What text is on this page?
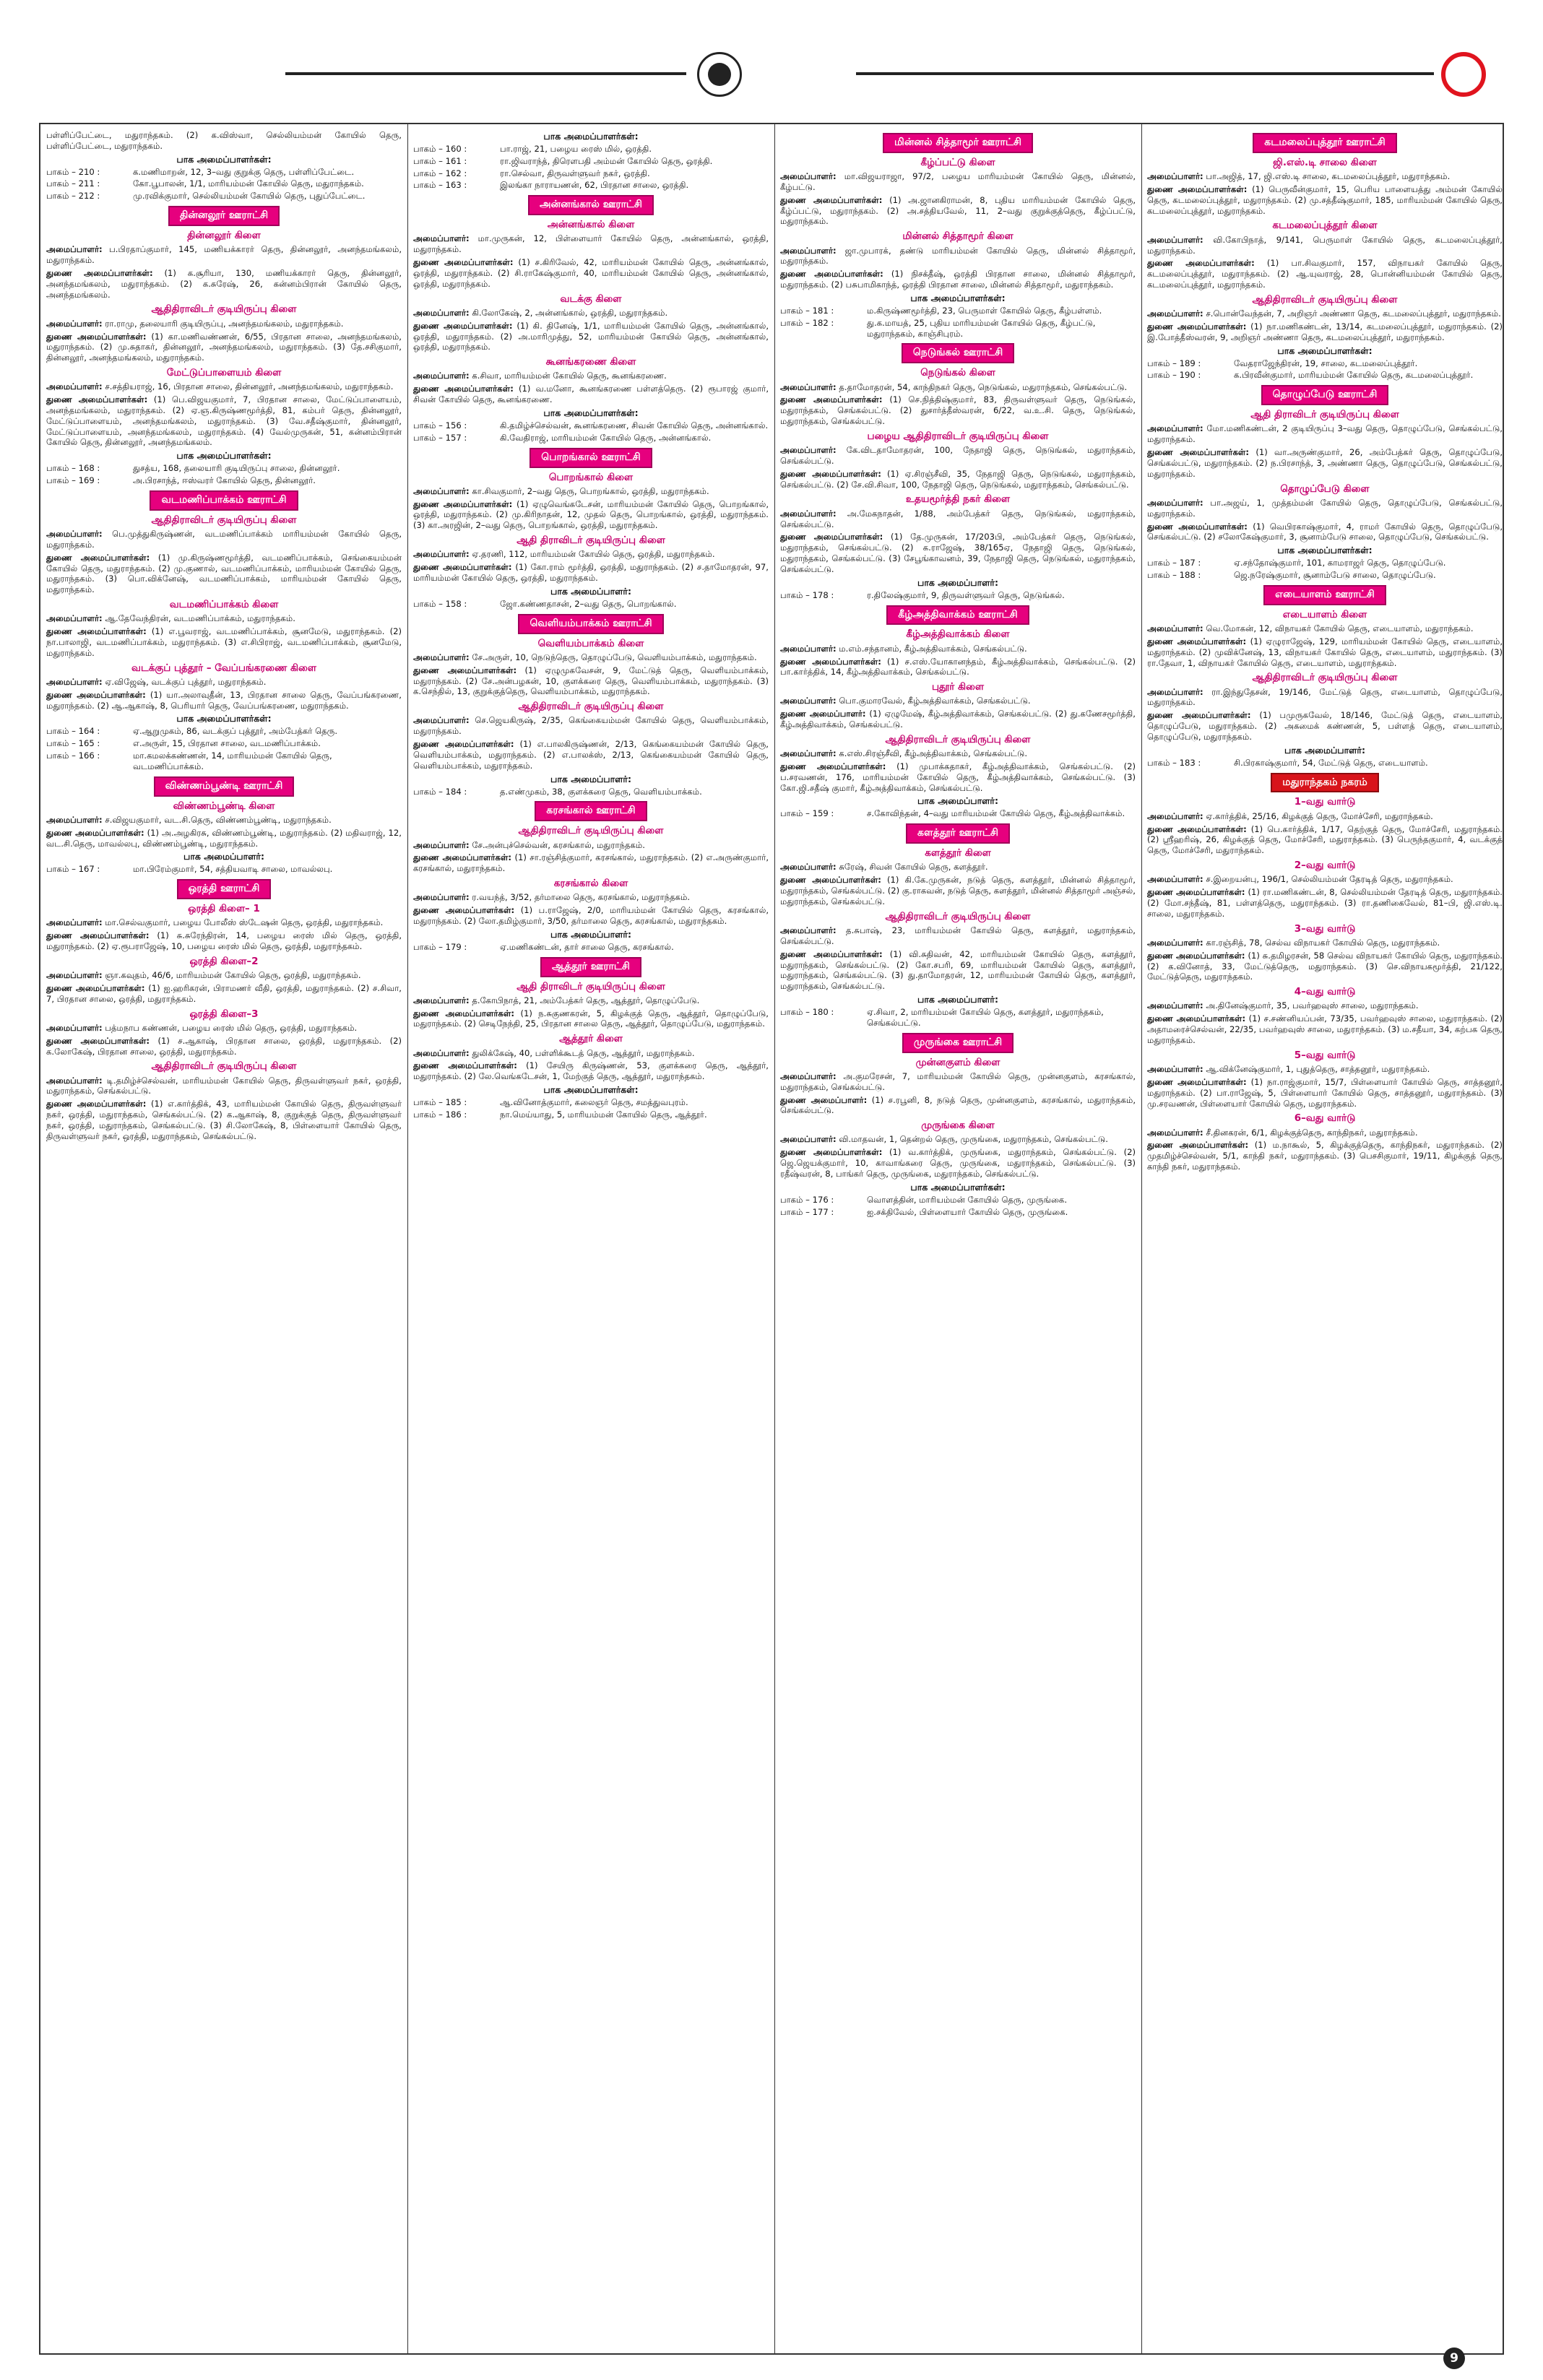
பள்ளிப்பேட்டை, மதுராந்தகம். (2) க.விஸ்வா, செல்லியம்மன் கோயில் தெரு, பள்ளிப்பேட்டை, மதுராந்தகம்.
பாக அமைப்பாளர்கள்:
பாகம் – 210 :	க.மணிமாறன், 12, 3–வது குறுக்கு தெரு, பள்ளிப்பேட்டை.
பாகம் – 211 :	கோ.பூபாலன், 1/1, மாரியம்மன் கோயில் தெரு, மதுராந்தகம்.
பாகம் – 212 :	மு.ரவிக்குமார், செல்லியம்மன் கோயில் தெரு, புதுப்பேட்டை.
தின்னலூர் ஊராட்சி
தின்னலூர் கிளை
அமைப்பாளர்: ப.பிரதாப்குமார், 145, மணியக்காரர் தெரு, தின்னலூர், அனந்தமங்கலம், மதுராந்தகம்.
துணை அமைப்பாளர்கள்: (1) க.சூரியா, 130, மணியக்காரர் தெரு, தின்னலூர், அனந்தமங்கலம், மதுராந்தகம். (2) க.சுரேஷ், 26, கன்னம்பிரான் கோயில் தெரு, அனந்தமங்கலம்.
ஆதிதிராவிடர் குடியிருப்பு கிளை
அமைப்பாளர்: ரா.ராமு, தலையாரி குடியிருப்பு, அனந்தமங்கலம், மதுராந்தகம்.
துணை அமைப்பாளர்கள்: (1) கா.மணிவண்ணன், 6/55, பிரதான சாலை, அனந்தமங்கலம், மதுராந்தகம். (2) மு.சுதாகர், தின்னலூர், அனந்தமங்கலம், மதுராந்தகம். (3) தே.சசிகுமார், தின்னலூர், அனந்தமங்கலம், மதுராந்தகம்.
மேட்டுப்பாளையம் கிளை
அமைப்பாளர்: ச.சத்தியராஜ், 16, பிரதான சாலை, தின்னலூர், அனந்தமங்கலம், மதுராந்தகம்.
துணை அமைப்பாளர்கள்: (1) பெ.விஜயகுமார், 7, பிரதான சாலை, மேட்டுப்பாளையம், அனந்தமங்கலம், மதுராந்தகம். (2) ஏ.ஞ.கிருஷ்ணமூர்த்தி, 81, கம்பர் தெரு, தின்னலூர், மேட்டுப்பாளையம், அனந்தமங்கலம், மதுராந்தகம். (3) வே.சதீஷ்குமார், தின்னலூர், மேட்டுப்பாளையம், அனந்தமங்கலம், மதுராந்தகம். (4) வேல்முருகன், 51, கன்னம்பிரான் கோயில் தெரு, தின்னலூர், அனந்தமங்கலம்.
பாக அமைப்பாளர்கள்:
பாகம் – 168 :	துசத்ய, 168, தலையாரி குடியிருப்பு சாலை, தின்னலூர்.
பாகம் – 169 :	அ.பிரசாந்த், ஈஸ்வரர் கோயில் தெரு, தின்னலூர்.
வடமணிப்பாக்கம் ஊராட்சி
ஆதிதிராவிடர் குடியிருப்பு கிளை
அமைப்பாளர்: பெ.முத்துகிருஷ்ணன், வடமணிப்பாக்கம் மாரியம்மன் கோயில் தெரு, மதுராந்தகம்.
துணை அமைப்பாளர்கள்: (1) மு.கிருஷ்ணமூர்த்தி, வடமணிப்பாக்கம், செங்கையம்மன் கோயில் தெரு, மதுராந்தகம். (2) மு.குணால், வடமணிப்பாக்கம், மாரியம்மன் கோயில் தெரு, மதுராந்தகம். (3) பொ.விக்னேஷ், வடமணிப்பாக்கம், மாரியம்மன் கோயில் தெரு, மதுராந்தகம்.
வடமணிப்பாக்கம் கிளை
அமைப்பாளர்: ஆ.தேவேந்திரன், வடமணிப்பாக்கம், மதுராந்தகம்.
துணை அமைப்பாளர்கள்: (1) எ.பூவராஜ், வடமணிப்பாக்கம், சூனமேடு, மதுராந்தகம். (2) நா.பாலாஜி, வடமணிப்பாக்கம், மதுராந்தகம். (3) எ.சிபிராஜ், வடமணிப்பாக்கம், சூனமேடு, மதுராந்தகம்.
வடக்குப் புத்தூர் – வேப்பங்கரணை கிளை
அமைப்பாளர்: ஏ.விஜேஷ், வடக்குப் புத்தூர், மதுராந்தகம்.
துணை அமைப்பாளர்கள்: (1) யா.அலாவுதீன், 13, பிரதான சாலை தெரு, வேப்பங்கரணை, மதுராந்தகம். (2) ஆ.ஆகாஷ், 8, பெரியார் தெரு, வேப்பங்கரணை, மதுராந்தகம்.
பாக அமைப்பாளர்கள்:
பாகம் – 164 :	ஏ.ஆறுமுகம், 86, வடக்குப் புத்தூர், அம்பேத்கர் தெரு.
பாகம் – 165 :	எ.அருள், 15, பிரதான சாலை, வடமணிப்பாக்கம்.
பாகம் – 166 :	மா.கமலக்கண்ணன், 14, மாரியம்மன் கோயில் தெரு, வடமணிப்பாக்கம்.
விண்ணம்பூண்டி ஊராட்சி
விண்ணம்பூண்டி கிளை
அமைப்பாளர்: ச.விஜயகுமார், வட.சி.தெரு, விண்ணம்பூண்டி, மதுராந்தகம்.
துணை அமைப்பாளர்கள்: (1) அ.அழகிரசு, விண்ணம்பூண்டி, மதுராந்தகம். (2) மதிவராஜ், 12, வட.சி.தெரு, மாவல்லபு, விண்ணம்பூண்டி, மதுராந்தகம்.
பாக அமைப்பாளர்:
பாகம் – 167 :	மா.பிரேம்குமார், 54, சத்தியவாடி சாலை, மாவல்லபு.
ஒரத்தி ஊராட்சி
ஒரத்தி கிளை– 1
அமைப்பாளர்: மா.செல்வகுமார், பழைய போலீஸ் ஸ்டேஷன் தெரு, ஒரத்தி, மதுராந்தகம்.
துணை அமைப்பாளர்கள்: (1) சு.சுரேந்திரன், 14, பழைய ரைஸ் மில் தெரு, ஒரத்தி, மதுராந்தகம். (2) ஏ.ரூபராஜேஷ், 10, பழைய ரைஸ் மில் தெரு, ஒரத்தி, மதுராந்தகம்.
ஒரத்தி கிளை–2
அமைப்பாளர்: ஞா.கவுதம், 46/6, மாரியம்மன் கோயில் தெரு, ஒரத்தி, மதுராந்தகம்.
துணை அமைப்பாளர்கள்: (1) ஐ.ஹரிகரன், பிராமணர் வீதி, ஒரத்தி, மதுராந்தகம். (2) ச.சிவா, 7, பிரதான சாலை, ஒரத்தி, மதுராந்தகம்.
ஒரத்தி கிளை–3
அமைப்பாளர்: பத்மநாப கண்ணன், பழைய ரைஸ் மில் தெரு, ஒரத்தி, மதுராந்தகம்.
துணை அமைப்பாளர்கள்: (1) ச.ஆகாஷ், பிரதான சாலை, ஒரத்தி, மதுராந்தகம். (2) க.லோகேஷ், பிரதான சாலை, ஒரத்தி, மதுராந்தகம்.
ஆதிதிராவிடர் குடியிருப்பு கிளை
அமைப்பாளர்: டி.தமிழ்ச்செல்வன், மாரியம்மன் கோயில் தெரு, திருவள்ளுவர் நகர், ஒரத்தி, மதுராந்தகம், செங்கல்பட்டு.
துணை அமைப்பாளர்கள்: (1) எ.கார்த்திக், 43, மாரியம்மன் கோயில் தெரு, திருவள்ளுவர் நகர், ஒரத்தி, மதுராந்தகம், செங்கல்பட்டு. (2) க.ஆகாஷ், 8, குறுக்குத் தெரு, திருவள்ளுவர் நகர், ஒரத்தி, மதுராந்தகம், செங்கல்பட்டு. (3) சி.லோகேஷ், 8, பிள்ளையார் கோயில் தெரு, திருவள்ளுவர் நகர், ஒரத்தி, மதுராந்தகம், செங்கல்பட்டு.
பாக அமைப்பாளர்கள்:
பாகம் – 160 :	பா.ராஜ், 21, பழைய ரைஸ் மில், ஒரத்தி.
பாகம் – 161 :	ரா.ஜிவராந்த், திரௌபதி அம்மன் கோயில் தெரு, ஒரத்தி.
பாகம் – 162 :	ரா.செல்வா, திருவள்ளுவர் நகர், ஒரத்தி.
பாகம் – 163 :	இலங்கா நாராயணன், 62, பிரதான சாலை, ஒரத்தி.
அன்னங்கால் ஊராட்சி
அன்னங்கால் கிளை
அமைப்பாளர்: மா.முருகன், 12, பிள்ளையார் கோயில் தெரு, அன்னங்கால், ஒரத்தி, மதுராந்தகம்.
துணை அமைப்பாளர்கள்: (1) ச.கிரிவேல், 42, மாரியம்மன் கோயில் தெரு, அன்னங்கால், ஒரத்தி, மதுராந்தகம். (2) சி.ராகேஷ்குமார், 40, மாரியம்மன் கோயில் தெரு, அன்னங்கால், ஒரத்தி, மதுராந்தகம்.
வடக்கு கிளை
அமைப்பாளர்: கி.லோகேஷ், 2, அன்னங்கால், ஒரத்தி, மதுராந்தகம்.
துணை அமைப்பாளர்கள்: (1) கி. தினேஷ், 1/1, மாரியம்மன் கோயில் தெரு, அன்னங்கால், ஒரத்தி, மதுராந்தகம். (2) அ.மாரிமுத்து, 52, மாரியம்மன் கோயில் தெரு, அன்னங்கால், ஒரத்தி, மதுராந்தகம்.
கூனங்கரணை கிளை
அமைப்பாளர்: க.சிவா, மாரியம்மன் கோயில் தெரு, கூனங்கரணை.
துணை அமைப்பாளர்கள்: (1) வ.மனோ, கூனங்கரணை பள்ளத்தெரு. (2) ரூபாரஜ் குமார், சிவன் கோயில் தெரு, கூனங்கரணை.
பாக அமைப்பாளர்கள்:
பாகம் – 156 :	கி.தமிழ்ச்செல்வன், கூனங்கரணை, சிவன் கோயில் தெரு, அன்னங்கால்.
பாகம் – 157 :	கி.வேதிராஜ், மாரியம்மன் கோயில் தெரு, அன்னங்கால்.
பொறங்கால் ஊராட்சி
பொறங்கால் கிளை
அமைப்பாளர்: கா.சிவகுமார், 2–வது தெரு, பொறங்கால், ஒரத்தி, மதுராந்தகம்.
துணை அமைப்பாளர்கள்: (1) ஏழுவெங்கடேசன், மாரியம்மன் கோயில் தெரு, பொறங்கால், ஒரத்தி, மதுராந்தகம். (2) மு.கிரிநாதன், 12, முதல் தெரு, பொறங்கால், ஒரத்தி, மதுராந்தகம். (3) கா.அரஜின், 2–வது தெரு, பொறங்கால், ஒரத்தி, மதுராந்தகம்.
ஆதி திராவிடர் குடியிருப்பு கிளை
அமைப்பாளர்: ஏ.தரணி, 112, மாரியம்மன் கோயில் தெரு, ஒரத்தி, மதுராந்தகம்.
துணை அமைப்பாளர்கள்: (1) கோ.ராம் மூர்த்தி, ஒரத்தி, மதுராந்தகம். (2) ச.தாமோதரன், 97, மாரியம்மன் கோயில் தெரு, ஒரத்தி, மதுராந்தகம்.
பாக அமைப்பாளர்:
பாகம் – 158 :	ஜோ.கண்ணதாசன், 2–வது தெரு, பொறங்கால்.
வெளியம்பாக்கம் ஊராட்சி
வெளியம்பாக்கம் கிளை
அமைப்பாளர்: சே.அருள், 10, நெடுந்தெரு, தொழுப்பேடு, வெளியம்பாக்கம், மதுராந்தகம்.
துணை அமைப்பாளர்கள்: (1) ஏழுமுகவேசன், 9, மேட்டுத் தெரு, வெளியம்பாக்கம், மதுராந்தகம். (2) சே.அன்பழகன், 10, குளக்கரை தெரு, வெளியம்பாக்கம், மதுராந்தகம். (3) க.செந்தில், 13, குறுக்குத்தெரு, வெளியம்பாக்கம், மதுராந்தகம்.
ஆதிதிராவிடர் குடியிருப்பு கிளை
அமைப்பாளர்: செ.ஜெயகிருஷ், 2/35, கெங்கையம்மன் கோயில் தெரு, வெளியம்பாக்கம், மதுராந்தகம்.
துணை அமைப்பாளர்கள்: (1) எ.பாலகிருஷ்ணன், 2/13, கெங்கையம்மன் கோயில் தெரு, வெளியம்பாக்கம், மதுராந்தகம். (2) எ.பாலக்ஸ், 2/13, கெங்கையம்மன் கோயில் தெரு, வெளியம்பாக்கம், மதுராந்தகம்.
பாக அமைப்பாளர்:
பாகம் – 184 :	த.எண்முகம், 38, குளக்கரை தெரு, வெளியம்பாக்கம்.
கரசங்கால் ஊராட்சி
ஆதிதிராவிடர் குடியிருப்பு கிளை
அமைப்பாளர்: சே.அன்புச்செல்வன், கரசங்கால், மதுராந்தகம்.
துணை அமைப்பாளர்கள்: (1) சா.ரஞ்சித்குமார், கரசங்கால், மதுராந்தகம். (2) எ.அருண்குமார், கரசங்கால், மதுராந்தகம்.
கரசங்கால் கிளை
அமைப்பாளர்: ர.வயந்த், 3/52, தர்மாலை தெரு, கரசங்கால், மதுராந்தகம்.
துணை அமைப்பாளர்கள்: (1) ப.ராஜேஷ், 2/0, மாரியம்மன் கோயில் தெரு, கரசங்கால், மதுராந்தகம். (2) லோ.தமிழ்குமார், 3/50, தர்மாலை தெரு, கரசங்கால், மதுராந்தகம்.
பாக அமைப்பாளர்:
பாகம் – 179 :	ஏ.மணிகண்டன், தார் சாலை தெரு, கரசங்கால்.
ஆத்தூர் ஊராட்சி
ஆதி திராவிடர் குடியிருப்பு கிளை
அமைப்பாளர்: த.கோபிநாத், 21, அம்பேத்கர் தெரு, ஆத்தூர், தொழுப்பேடு.
துணை அமைப்பாளர்கள்: (1) ந.சுகுணகரன், 5, கிழக்குத் தெரு, ஆத்தூர், தொழுப்பேடு, மதுராந்தகம். (2) செடிநேந்தி, 25, பிரதான சாலை தெரு, ஆத்தூர், தொழுப்பேடு, மதுராந்தகம்.
ஆத்தூர் கிளை
அமைப்பாளர்: துலிக்கேஷ், 40, பள்ளிக்கூடத் தெரு, ஆத்தூர், மதுராந்தகம்.
துணை அமைப்பாளர்கள்: (1) சேயிரு கிருஷ்ணன், 53, குளக்கரை தெரு, ஆத்தூர், மதுராந்தகம். (2) லே.வெங்கடேசன், 1, மேற்குத் தெரு, ஆத்தூர், மதுராந்தகம்.
பாக அமைப்பாளர்கள்:
பாகம் – 185 :	ஆ.வினோத்குமார், கலைஞர் தெரு, சமத்துவபுரம்.
பாகம் – 186 :	நா.மெய்யாது, 5, மாரியம்மன் கோயில் தெரு, ஆத்தூர்.
மின்னல் சித்தாமூர் ஊராட்சி
கீழ்ப்பட்டு கிளை
அமைப்பாளர்: மா.விஜயராஜா, 97/2, பழைய மாரியம்மன் கோயில் தெரு, மின்னல், கீழ்பட்டு.
துணை அமைப்பாளர்கள்: (1) அ.ஜானகிராமன், 8, புதிய மாரியம்மன் கோயில் தெரு, கீழ்ப்பட்டு, மதுராந்தகம். (2) அ.சத்தியவேல், 11, 2–வது குறுக்குத்தெரு, கீழ்ப்பட்டு, மதுராந்தகம்.
மின்னல் சித்தாமூர் கிளை
அமைப்பாளர்: ஜா.முபாரக், தண்டு மாரியம்மன் கோயில் தெரு, மின்னல் சித்தாமூர், மதுராந்தகம்.
துணை அமைப்பாளர்கள்: (1) நிசக்தீஷ், ஒரத்தி பிரதான சாலை, மின்னல் சித்தாமூர், மதுராந்தகம். (2) பசுபாமிகாந்த், ஒரத்தி பிரதான சாலை, மின்னல் சித்தாமூர், மதுராந்தகம்.
பாக அமைப்பாளர்கள்:
பாகம் – 181 :	ம.கிருஷ்ணமூர்த்தி, 23, பெருமாள் கோயில் தெரு, கீழ்பள்ளம்.
பாகம் – 182 :	து.க.மாயத், 25, புதிய மாரியம்மன் கோயில் தெரு, கீழ்பட்டு, மதுராந்தகம், காஞ்சிபுரம்.
நெடுங்கல் ஊராட்சி
நெடுங்கல் கிளை
அமைப்பாளர்: த.தாமோதரன், 54, காந்திநகர் தெரு, நெடுங்கல், மதுராந்தகம், செங்கல்பட்டு.
துணை அமைப்பாளர்கள்: (1) செ.நித்திஷ்குமார், 83, திருவள்ளுவர் தெரு, நெடுங்கல், மதுராந்தகம், செங்கல்பட்டு. (2) துசார்த்தீஸ்வரன், 6/22, வ.உ.சி. தெரு, நெடுங்கல், மதுராந்தகம், செங்கல்பட்டு.
பழைய ஆதிதிராவிடர் குடியிருப்பு கிளை
அமைப்பாளர்: கே.விடதாமோதரன், 100, நேதாஜி தெரு, நெடுங்கல், மதுராந்தகம், செங்கல்பட்டு.
துணை அமைப்பாளர்கள்: (1) ஏ.சிரஞ்சீவி, 35, நேதாஜி தெரு, நெடுங்கல், மதுராந்தகம், செங்கல்பட்டு. (2) சே.வி.சிவா, 100, நேதாஜி தெரு, நெடுங்கல், மதுராந்தகம், செங்கல்பட்டு.
உதயமூர்த்தி நகர் கிளை
அமைப்பாளர்: அ.மேகநாதன், 1/88, அம்பேத்கர் தெரு, நெடுங்கல், மதுராந்தகம், செங்கல்பட்டு.
துணை அமைப்பாளர்கள்: (1) தே.முருகன், 17/203பி, அம்பேத்கர் தெரு, நெடுங்கல், மதுராந்தகம், செங்கல்பட்டு. (2) க.ராஜேஷ், 38/165ஏ, நேதாஜி தெரு, நெடுங்கல், மதுராந்தகம், செங்கல்பட்டு. (3) சேபூங்காவனம், 39, நேதாஜி தெரு, நெடுங்கல், மதுராந்தகம், செங்கல்பட்டு.
பாக அமைப்பாளர்:
பாகம் – 178 :	ர.திலேஷ்குமார், 9, திருவள்ளுவர் தெரு, நெடுங்கல்.
கீழ்அத்திவாக்கம் ஊராட்சி
கீழ்அத்திவாக்கம் கிளை
அமைப்பாளர்: ம.எம்.சந்தானம், கீழ்அத்திவாக்கம், செங்கல்பட்டு.
துணை அமைப்பாளர்கள்: (1) ச.எஸ்.யோகானந்தம், கீழ்அத்திவாக்கம், செங்கல்பட்டு. (2) பா.கார்த்திக், 14, கீழ்அத்திவாக்கம், செங்கல்பட்டு.
புதூர் கிளை
அமைப்பாளர்: பொ.குமாரவேல், கீழ்அத்திவாக்கம், செங்கல்பட்டு.
துணை அமைப்பாளர்: (1) ஏழுமேஷ், கீழ்அத்திவாக்கம், செங்கல்பட்டு. (2) து.கணேசமூர்த்தி, கீழ்அத்திவாக்கம், செங்கல்பட்டு.
ஆதிதிராவிடர் குடியிருப்பு கிளை
அமைப்பாளர்: க.எஸ்.சிரஞ்சீவி, கீழ்அத்திவாக்கம், செங்கல்பட்டு.
துணை அமைப்பாளர்கள்: (1) முபாக்கதாகர், கீழ்அத்திவாக்கம், செங்கல்பட்டு. (2) ப.சரவணன், 176, மாரியம்மன் கோயில் தெரு, கீழ்அத்திவாக்கம், செங்கல்பட்டு. (3) கோ.ஜி.சதீஷ் குமார், கீழ்அத்திவாக்கம், செங்கல்பட்டு.
பாக அமைப்பாளர்:
பாகம் – 159 :	ச.கோவிந்தன், 4–வது மாரியம்மன் கோயில் தெரு, கீழ்அத்திவாக்கம்.
களத்தூர் ஊராட்சி
களத்தூர் கிளை
அமைப்பாளர்: சுரேஷ், சிவன் கோயில் தெரு, களத்தூர்.
துணை அமைப்பாளர்கள்: (1) கி.கே.முருகன், நடுத் தெரு, களத்தூர், மின்னல் சித்தாமூர், மதுராந்தகம், செங்கல்பட்டு. (2) கு.ராகவன், நடுத் தெரு, களத்தூர், மின்னல் சித்தாமூர் அஞ்சல், மதுராந்தகம், செங்கல்பட்டு.
ஆதிதிராவிடர் குடியிருப்பு கிளை
அமைப்பாளர்: த.சுபாஷ், 23, மாரியம்மன் கோயில் தெரு, களத்தூர், மதுராந்தகம், செங்கல்பட்டு.
துணை அமைப்பாளர்கள்: (1) வி.சுதிவன், 42, மாரியம்மன் கோயில் தெரு, களத்தூர், மதுராந்தகம், செங்கல்பட்டு. (2) கோ.சபரி, 69, மாரியம்மன் கோயில் தெரு, களத்தூர், மதுராந்தகம், செங்கல்பட்டு. (3) து.தாமோதரன், 12, மாரியம்மன் கோயில் தெரு, களத்தூர், மதுராந்தகம், செங்கல்பட்டு.
பாக அமைப்பாளர்:
பாகம் – 180 :	ஏ.சிவா, 2, மாரியம்மன் கோயில் தெரு, களத்தூர், மதுராந்தகம், செங்கல்பட்டு.
முருங்கை ஊராட்சி
முன்னகுளம் கிளை
அமைப்பாளர்: அ.குமரேசன், 7, மாரியம்மன் கோயில் தெரு, முன்னகுளம், கரசங்கால், மதுராந்தகம், செங்கல்பட்டு.
துணை அமைப்பாளர்: (1) ச.ரபூனி, 8, நடுத் தெரு, முன்னகுளம், கரசங்கால், மதுராந்தகம், செங்கல்பட்டு.
முருங்கை கிளை
அமைப்பாளர்: வி.மாதவன், 1, தென்றல் தெரு, முருங்கை, மதுராந்தகம், செங்கல்பட்டு.
துணை அமைப்பாளர்கள்: (1) வ.கார்த்திக், முருங்கை, மதுராந்தகம், செங்கல்பட்டு. (2) ஜெ.ஜெயக்குமார், 10, காவாங்கரை தெரு, முருங்கை, மதுராந்தகம், செங்கல்பட்டு. (3) ரதீஷ்வரன், 8, பாங்கர் தெரு, முருங்கை, மதுராந்தகம், செங்கல்பட்டு.
பாக அமைப்பாளர்கள்:
பாகம் – 176 :	வொளத்தின், மாரியம்மன் கோயில் தெரு, முருங்கை.
பாகம் – 177 :	ஐ.சக்திவேல், பிள்ளையார் கோயில் தெரு, முருங்கை.
கடமலைப்புத்தூர் ஊராட்சி
ஜி.எஸ்.டி சாலை கிளை
அமைப்பாளர்: பா.அஜித், 17, ஜி.எஸ்.டி சாலை, கடமலைப்புத்தூர், மதுராந்தகம்.
துணை அமைப்பாளர்கள்: (1) பெருவீன்குமார், 15, பெரிய பாளையத்து அம்மன் கோயில் தெரு, கடமலைப்புத்தூர், மதுராந்தகம். (2) மு.சத்தீஷ்குமார், 185, மாரியம்மன் கோயில் தெரு, கடமலைப்புத்தூர், மதுராந்தகம்.
கடமலைப்புத்தூர் கிளை
அமைப்பாளர்: வி.கோபிநாத், 9/141, பெருமாள் கோயில் தெரு, கடமலைப்புத்தூர், மதுராந்தகம்.
துணை அமைப்பாளர்கள்: (1) பா.சிவகுமார், 157, விநாயகர் கோயில் தெரு, கடமலைப்புத்தூர், மதுராந்தகம். (2) ஆ.யுவராஜ், 28, பொன்னியம்மன் கோயில் தெரு, கடமலைப்புத்தூர், மதுராந்தகம்.
ஆதிதிராவிடர் குடியிருப்பு கிளை
அமைப்பாளர்: ச.பொன்வேந்தன், 7, அறிஞர் அண்ணா தெரு, கடமலைப்புத்தூர், மதுராந்தகம்.
துணை அமைப்பாளர்கள்: (1) நா.மணிகண்டன், 13/14, கடமலைப்புத்தூர், மதுராந்தகம். (2) இ.போத்தீஸ்வரன், 9, அறிஞர் அண்ணா தெரு, கடமலைப்புத்தூர், மதுராந்தகம்.
பாக அமைப்பாளர்கள்:
பாகம் – 189 :	வேதராஜேந்திரன், 19, சாலை, கடமலைப்புத்தூர்.
பாகம் – 190 :	க.பிரவீன்குமார், மாரியம்மன் கோயில் தெரு, கடமலைப்புத்தூர்.
தொழுப்பேடு ஊராட்சி
ஆதி திராவிடர் குடியிருப்பு கிளை
அமைப்பாளர்: மோ.மணிகண்டன், 2 குடியிருப்பு 3–வது தெரு, தொழுப்பேடு, செங்கல்பட்டு, மதுராந்தகம்.
துணை அமைப்பாளர்கள்: (1) வா.அருண்குமார், 26, அம்பேத்கர் தெரு, தொழுப்பேடு, செங்கல்பட்டு, மதுராந்தகம். (2) ந.பிரசாந்த், 3, அண்ணா தெரு, தொழுப்பேடு, செங்கல்பட்டு, மதுராந்தகம்.
தொழுப்பேடு கிளை
அமைப்பாளர்: பா.அஜய், 1, முத்தம்மன் கோயில் தெரு, தொழுப்பேடு, செங்கல்பட்டு, மதுராந்தகம்.
துணை அமைப்பாளர்கள்: (1) வெபிரகாஷ்குமார், 4, ராமர் கோயில் தெரு, தொழுப்பேடு, செங்கல்பட்டு. (2) சலோகேஷ்குமார், 3, சூனாம்பேடு சாலை, தொழுப்பேடு, செங்கல்பட்டு.
பாக அமைப்பாளர்கள்:
பாகம் – 187 :	ஏ.சந்தோஷ்குமார், 101, காமராஜர் தெரு, தொழுப்பேடு.
பாகம் – 188 :	ஜெ.நரேஷ்குமார், சூனாம்பேடு சாலை, தொழுப்பேடு.
எடையாளம் ஊராட்சி
எடையாளம் கிளை
அமைப்பாளர்: வெ.மோகன், 12, விநாயகர் கோயில் தெரு, எடையாளம், மதுராந்தகம்.
துணை அமைப்பாளர்கள்: (1) ஏழுராஜேஷ், 129, மாரியம்மன் கோயில் தெரு, எடையாளம், மதுராந்தகம். (2) முவிக்னேஷ், 13, விநாயகர் கோயில் தெரு, எடையாளம், மதுராந்தகம். (3) ரா.தேவா, 1, விநாயகர் கோயில் தெரு, எடையாளம், மதுராந்தகம்.
ஆதிதிராவிடர் குடியிருப்பு கிளை
அமைப்பாளர்: ரா.இந்துதேசன், 19/146, மேட்டுத் தெரு, எடையாளம், தொழுப்பேடு, மதுராந்தகம்.
துணை அமைப்பாளர்கள்: (1) பமுருகவேல், 18/146, மேட்டுத் தெரு, எடையாளம், தொழுப்பேடு, மதுராந்தகம். (2) அகமைக் கண்ணன், 5, பள்ளத் தெரு, எடையாளம், தொழுப்பேடு, மதுராந்தகம்.
பாக அமைப்பாளர்:
பாகம் – 183 :	சி.பிரகாஷ்குமார், 54, மேட்டுத் தெரு, எடையாளம்.
மதுராந்தகம் நகரம்
1–வது வார்டு
அமைப்பாளர்: ஏ.கார்த்திக், 25/16, கிழக்குத் தெரு, மோச்சேரி, மதுராந்தகம்.
துணை அமைப்பாளர்கள்: (1) பெ.கார்த்திக், 1/17, தெற்குத் தெரு, மோச்சேரி, மதுராந்தகம். (2) ஸ்ரீஹரிஷ், 26, கிழக்குத் தெரு, மோச்சேரி, மதுராந்தகம். (3) பெருந்தகுமார், 4, வடக்குத் தெரு, மோச்சேரி, மதுராந்தகம்.
2–வது வார்டு
அமைப்பாளர்: ச.இறையன்பு, 196/1, செல்லியம்மன் தேரடித் தெரு, மதுராந்தகம்.
துணை அமைப்பாளர்கள்: (1) ரா.மணிகண்டன், 8, செல்லியம்மன் தேரடித் தெரு, மதுராந்தகம். (2) மோ.சந்தீஷ், 81, பள்ளத்தெரு, மதுராந்தகம். (3) ரா.தணிகைவேல், 81–பி, ஜி.எஸ்.டி. சாலை, மதுராந்தகம்.
3–வது வார்டு
அமைப்பாளர்: கா.ரஞ்சித், 78, செல்வ விநாயகர் கோயில் தெரு, மதுராந்தகம்.
துணை அமைப்பாளர்கள்: (1) சு.தமிழரசன், 58 செல்வ விநாயகர் கோயில் தெரு, மதுராந்தகம். (2) க.வினோத், 33, மேட்டுத்தெரு, மதுராந்தகம். (3) செ.விநாயகமூர்த்தி, 21/122, மேட்டுத்தெரு, மதுராந்தகம்.
4–வது வார்டு
அமைப்பாளர்: அ.தினேஷ்குமார், 35, பவர்ஹவுஸ் சாலை, மதுராந்தகம்.
துணை அமைப்பாளர்கள்: (1) ச.சண்னியப்பன், 73/35, பவர்ஹவுஸ் சாலை, மதுராந்தகம். (2) அதாமரைச்செல்வன், 22/35, பவர்ஹவுஸ் சாலை, மதுராந்தகம். (3) ம.சதீயா, 34, கற்பக தெரு, மதுராந்தகம்.
5–வது வார்டு
அமைப்பாளர்: ஆ.விக்னேஷ்குமார், 1, புதுத்தெரு, சாத்தனூர், மதுராந்தகம்.
துணை அமைப்பாளர்கள்: (1) நா.ராஜ்குமார், 15/7, பிள்ளையார் கோயில் தெரு, சாத்தனூர், மதுராந்தகம். (2) பா.ராஜேஷ், 5, பிள்ளையார் கோயில் தெரு, சாத்தனூர், மதுராந்தகம். (3) மு.சரவணன், பிள்ளையார் கோயில் தெரு, மதுராந்தகம்.
6–வது வார்டு
அமைப்பாளர்: சீ.தினகரன், 6/1, கிழக்குத்தெரு, காந்திநகர், மதுராந்தகம்.
துணை அமைப்பாளர்கள்: (1) ம.நாகூல், 5, கிழக்குத்தெரு, காந்திநகர், மதுராந்தகம். (2) முதமிழ்ச்செல்வன், 5/1, காந்தி நகர், மதுராந்தகம். (3) பெசசிகுமார், 19/11, கிழக்குத் தெரு, காந்தி நகர், மதுராந்தகம்.
9
